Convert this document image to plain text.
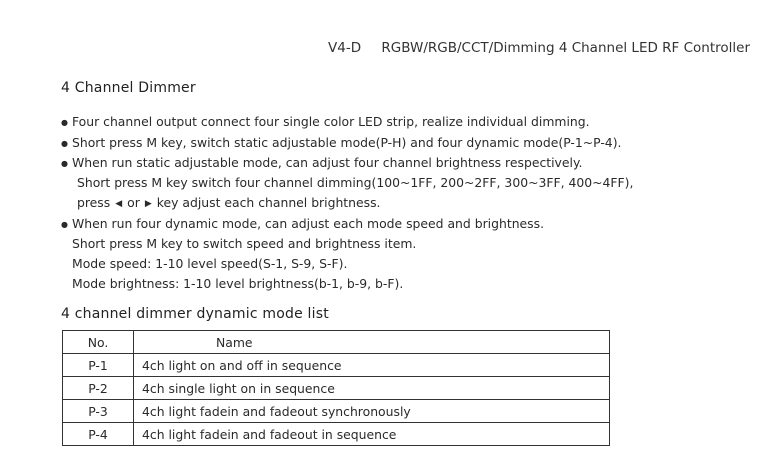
V4-D RGBW/RGB/CCT/Dimming 4 Channel LED RF Controller
4 Channel Dimmer
● Four channel output connect four single color LED strip, realize individual dimming.
● Short press M key, switch static adjustable mode(P-H) and four dynamic mode(P-1~P-4).
● When run static adjustable mode, can adjust four channel brightness respectively.
Short press M key switch four channel dimming(100~1FF, 200~2FF, 300~3FF, 400~4FF),
press ◀ or ▶ key adjust each channel brightness.
● When run four dynamic mode, can adjust each mode speed and brightness.
Short press M key to switch speed and brightness item.
Mode speed: 1-10 level speed(S-1, S-9, S-F).
Mode brightness: 1-10 level brightness(b-1, b-9, b-F).
4 channel dimmer dynamic mode list
No.	Name
P-1	4ch light on and off in sequence
P-2	4ch single light on in sequence
P-3	4ch light fadein and fadeout synchronously
P-4	4ch light fadein and fadeout in sequence
